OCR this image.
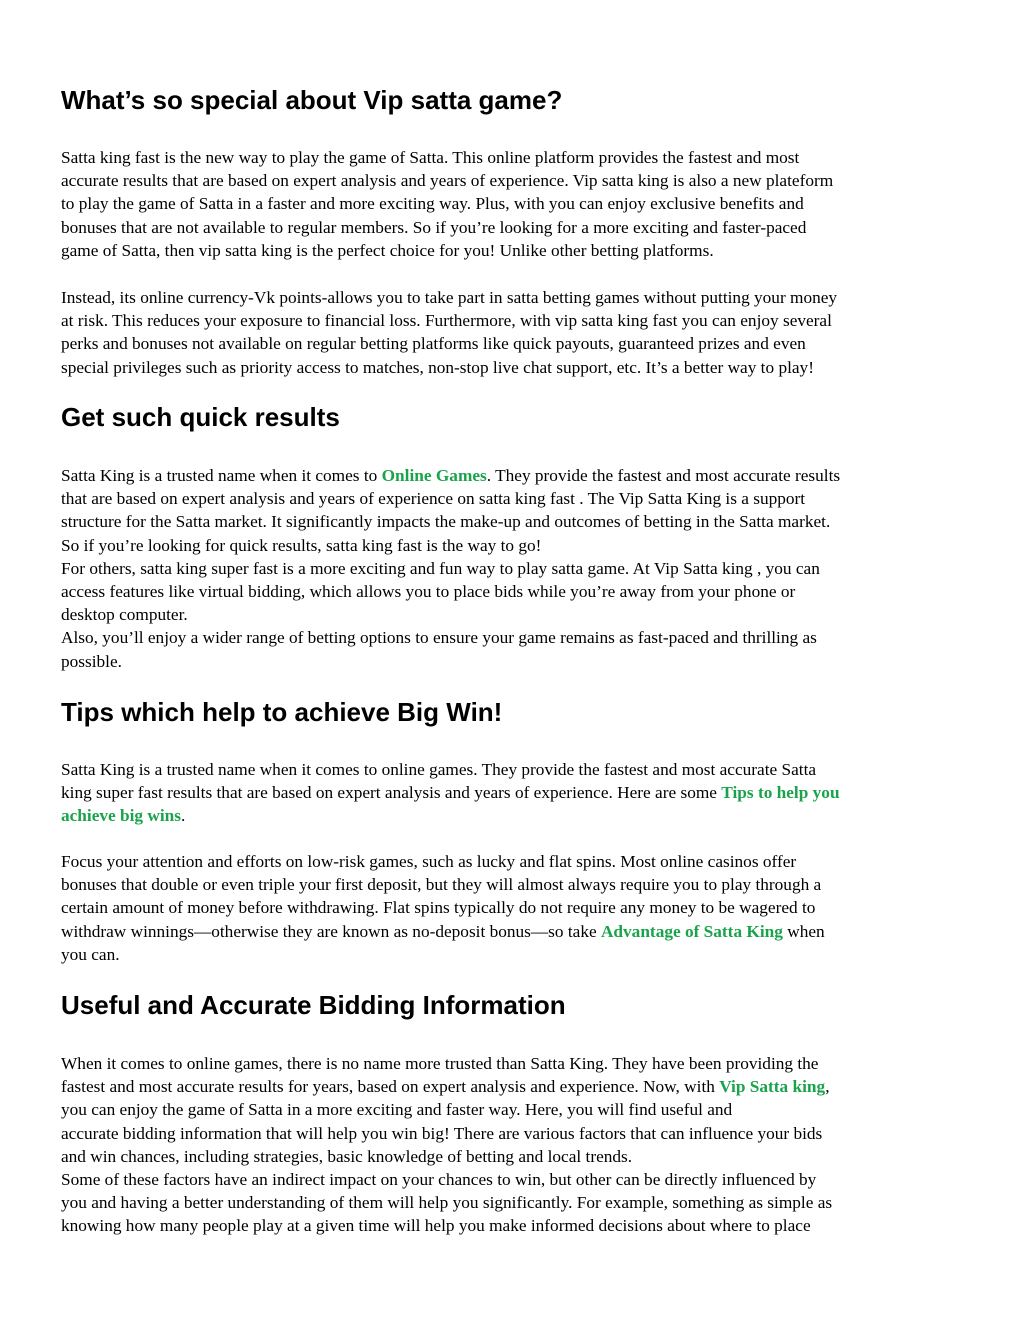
What’s so special about Vip satta game?
Satta king fast is the new way to play the game of Satta. This online platform provides the fastest and most
accurate results that are based on expert analysis and years of experience. Vip satta king is also a new plateform
to play the game of Satta in a faster and more exciting way. Plus, with you can enjoy exclusive benefits and
bonuses that are not available to regular members. So if you’re looking for a more exciting and faster-paced
game of Satta, then vip satta king is the perfect choice for you! Unlike other betting platforms.
Instead, its online currency-Vk points-allows you to take part in satta betting games without putting your money
at risk. This reduces your exposure to financial loss. Furthermore, with vip satta king fast you can enjoy several
perks and bonuses not available on regular betting platforms like quick payouts, guaranteed prizes and even
special privileges such as priority access to matches, non-stop live chat support, etc. It’s a better way to play!
Get such quick results
Satta King is a trusted name when it comes to Online Games. They provide the fastest and most accurate results
that are based on expert analysis and years of experience on satta king fast . The Vip Satta King is a support
structure for the Satta market. It significantly impacts the make-up and outcomes of betting in the Satta market.
So if you’re looking for quick results, satta king fast is the way to go!
For others, satta king super fast is a more exciting and fun way to play satta game. At Vip Satta king , you can
access features like virtual bidding, which allows you to place bids while you’re away from your phone or
desktop computer.
Also, you’ll enjoy a wider range of betting options to ensure your game remains as fast-paced and thrilling as
possible.
Tips which help to achieve Big Win!
Satta King is a trusted name when it comes to online games. They provide the fastest and most accurate Satta
king super fast results that are based on expert analysis and years of experience. Here are some Tips to help you
achieve big wins.
Focus your attention and efforts on low-risk games, such as lucky and flat spins. Most online casinos offer
bonuses that double or even triple your first deposit, but they will almost always require you to play through a
certain amount of money before withdrawing. Flat spins typically do not require any money to be wagered to
withdraw winnings—otherwise they are known as no-deposit bonus—so take Advantage of Satta King when
you can.
Useful and Accurate Bidding Information
When it comes to online games, there is no name more trusted than Satta King. They have been providing the
fastest and most accurate results for years, based on expert analysis and experience. Now, with Vip Satta king,
you can enjoy the game of Satta in a more exciting and faster way. Here, you will find useful and
accurate bidding information that will help you win big! There are various factors that can influence your bids
and win chances, including strategies, basic knowledge of betting and local trends.
Some of these factors have an indirect impact on your chances to win, but other can be directly influenced by
you and having a better understanding of them will help you significantly. For example, something as simple as
knowing how many people play at a given time will help you make informed decisions about where to place
